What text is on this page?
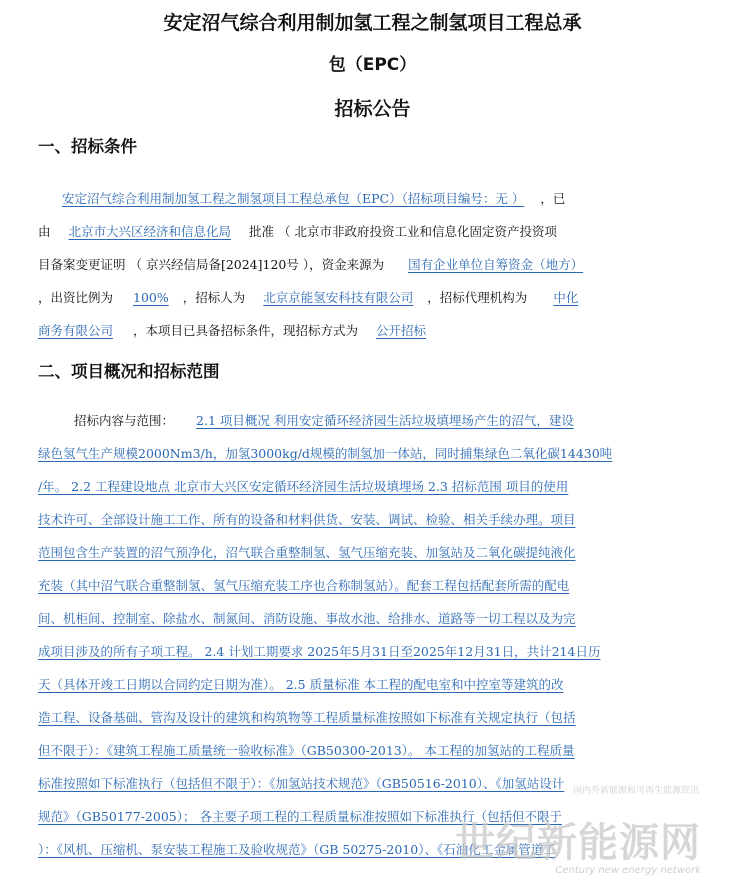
安定沼气综合利用制加氢工程之制氢项目工程总承
包（EPC）
招标公告
一、招标条件
安定沼气综合利用制加氢工程之制氢项目工程总承包（EPC）（招标项目编号：无 ） ，已
由 北京市大兴区经济和信息化局 批准 （ 北京市非政府投资工业和信息化固定资产投资项
目备案变更证明 （ 京兴经信局备[2024]120号 ），资金来源为 国有企业单位自筹资金（地方）
，出资比例为 100% ，招标人为 北京京能氢安科技有限公司 ，招标代理机构为 中化
商务有限公司 ，本项目已具备招标条件，现招标方式为 公开招标
二、项目概况和招标范围
招标内容与范围： 2.1 项目概况 利用安定循环经济园生活垃圾填埋场产生的沼气，建设
绿色氢气生产规模2000Nm3/h，加氢3000kg/d规模的制氢加一体站，同时捕集绿色二氧化碳14430吨
/年。 2.2 工程建设地点 北京市大兴区安定循环经济园生活垃圾填埋场 2.3 招标范围 项目的使用
技术许可、全部设计施工工作、所有的设备和材料供货、安装、调试、检验、相关手续办理。项目
范围包含生产装置的沼气预净化，沼气联合重整制氢、氢气压缩充装、加氢站及二氧化碳提纯液化
充装（其中沼气联合重整制氢、氢气压缩充装工序也合称制氢站）。配套工程包括配套所需的配电
间、机柜间、控制室、除盐水、制氮间、消防设施、事故水池、给排水、道路等一切工程以及为完
成项目涉及的所有子项工程。 2.4 计划工期要求 2025年5月31日至2025年12月31日，共计214日历
天（具体开竣工日期以合同约定日期为准）。 2.5 质量标准 本工程的配电室和中控室等建筑的改
造工程、设备基础、管沟及设计的建筑和构筑物等工程质量标准按照如下标准有关规定执行（包括
但不限于）：《建筑工程施工质量统一验收标准》（GB50300-2013）。 本工程的加氢站的工程质量
标准按照如下标准执行（包括但不限于）：《加氢站技术规范》（GB50516-2010）、《加氢站设计
规范》（GB50177-2005）； 各主要子项工程的工程质量标准按照如下标准执行（包括但不限于
）：《风机、压缩机、泵安装工程施工及验收规范》（GB 50275-2010）、《石油化工金属管道工
国内外新能源和可再生能源资讯
世纪新能源网
Century new energy network
